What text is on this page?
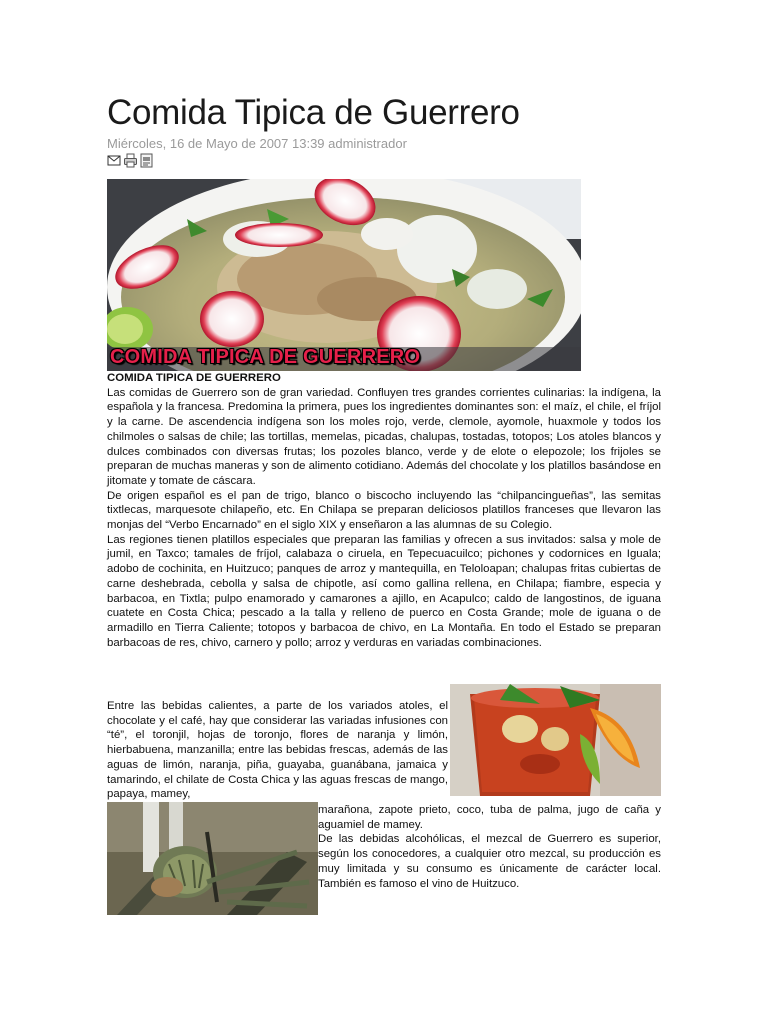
Comida Tipica de Guerrero
Miércoles, 16 de Mayo de 2007 13:39 administrador
COMIDA TIPICA DE GUERRERO

COMIDA TIPICA DE GUERRERO

Las comidas de Guerrero son de gran variedad. Confluyen tres grandes corrientes culinarias: la indígena, la española y la francesa. Predomina la primera, pues los ingredientes dominantes son: el maíz, el chile, el fríjol y la carne. De ascendencia indígena son los moles rojo, verde, clemole, ayomole, huaxmole y todos los chilmoles o salsas de chile; las tortillas, memelas, picadas, chalupas, tostadas, totopos; Los atoles blancos y dulces combinados con diversas frutas; los pozoles blanco, verde y de elote o elepozole; los frijoles se preparan de muchas maneras y son de alimento cotidiano. Además del chocolate y los platillos basándose en jitomate y tomate de cáscara.

De origen español es el pan de trigo, blanco o biscocho incluyendo las “chilpancingueñas”, las semitas tixtlecas, marquesote chilapeño, etc. En Chilapa se preparan deliciosos platillos franceses que llevaron las monjas del “Verbo Encarnado” en el siglo XIX y enseñaron a las alumnas de su Colegio.

Las regiones tienen platillos especiales que preparan las familias y ofrecen a sus invitados: salsa y mole de jumil, en Taxco; tamales de fríjol, calabaza o ciruela, en Tepecuacuilco; pichones y codornices en Iguala; adobo de cochinita, en Huitzuco; panques de arroz y mantequilla, en Teloloapan; chalupas fritas cubiertas de carne deshebrada, cebolla y salsa de chipotle, así como gallina rellena, en Chilapa; fiambre, especia y barbacoa, en Tixtla; pulpo enamorado y camarones a ajillo, en Acapulco; caldo de langostinos, de iguana cuatete en Costa Chica; pescado a la talla y relleno de puerco en Costa Grande; mole de iguana o de armadillo en Tierra Caliente; totopos y barbacoa de chivo, en La Montaña. En todo el Estado se preparan barbacoas de res, chivo, carnero y pollo; arroz y verduras en variadas combinaciones.

Entre las bebidas calientes, a parte de los variados atoles, el chocolate y el café, hay que considerar las variadas infusiones con “té”, el toronjil, hojas de toronjo, flores de naranja y limón, hierbabuena, manzanilla; entre las bebidas frescas, además de las aguas de limón, naranja, piña, guayaba, guanábana, jamaica y tamarindo, el chilate de Costa Chica y las aguas frescas de mango, papaya, mamey,

marañona, zapote prieto, coco, tuba de palma, jugo de caña y aguamiel de mamey.

De las debidas alcohólicas, el mezcal de Guerrero es superior, según los conocedores, a cualquier otro mezcal, su producción es muy limitada y su consumo es únicamente de carácter local. También es famoso el vino de Huitzuco.
